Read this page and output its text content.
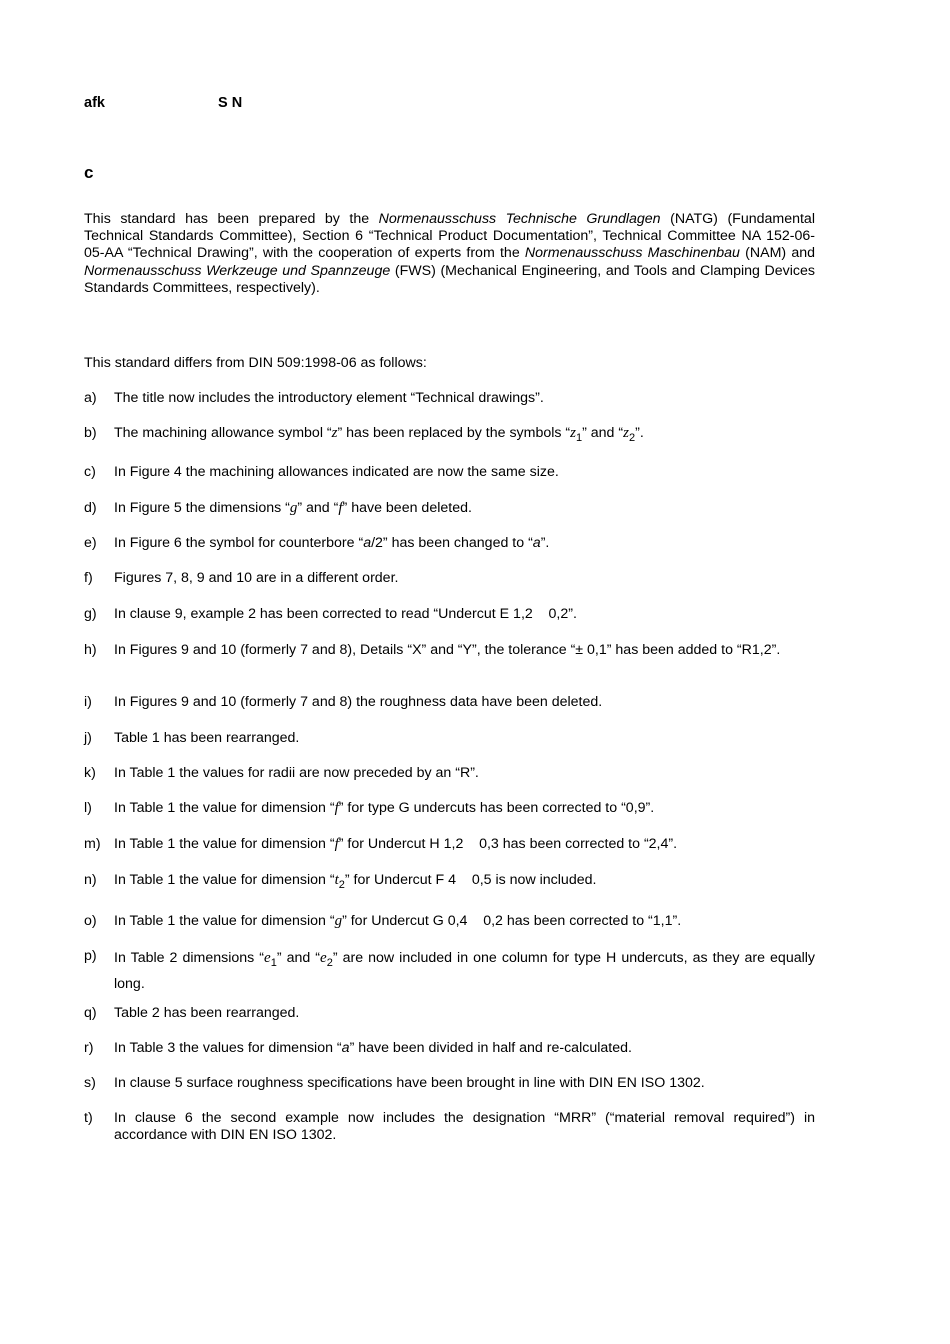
afk	S N
c
This standard has been prepared by the Normenausschuss Technische Grundlagen (NATG) (Fundamental Technical Standards Committee), Section 6 “Technical Product Documentation”, Technical Committee NA 152-06-05-AA “Technical Drawing”, with the cooperation of experts from the Normenausschuss Maschinenbau (NAM) and Normenausschuss Werkzeuge und Spannzeuge (FWS) (Mechanical Engineering, and Tools and Clamping Devices Standards Committees, respectively).
This standard differs from DIN 509:1998-06 as follows:
a) The title now includes the introductory element “Technical drawings”.
b) The machining allowance symbol “z” has been replaced by the symbols “$z_1$” and “$z_2$”.
c) In Figure 4 the machining allowances indicated are now the same size.
d) In Figure 5 the dimensions “g” and “f” have been deleted.
e) In Figure 6 the symbol for counterbore “a/2” has been changed to “a”.
f) Figures 7, 8, 9 and 10 are in a different order.
g) In clause 9, example 2 has been corrected to read “Undercut E 1,2    0,2”.
h) In Figures 9 and 10 (formerly 7 and 8), Details “X” and “Y”, the tolerance “± 0,1” has been added to “R1,2”.
i) In Figures 9 and 10 (formerly 7 and 8) the roughness data have been deleted.
j) Table 1 has been rearranged.
k) In Table 1 the values for radii are now preceded by an “R”.
l) In Table 1 the value for dimension “f” for type G undercuts has been corrected to “0,9”.
m) In Table 1 the value for dimension “f” for Undercut H 1,2    0,3 has been corrected to “2,4”.
n) In Table 1 the value for dimension “$t_2$” for Undercut F 4    0,5 is now included.
o) In Table 1 the value for dimension “g” for Undercut G 0,4    0,2 has been corrected to “1,1”.
p) In Table 2 dimensions “$e_1$” and “$e_2$” are now included in one column for type H undercuts, as they are equally long.
q) Table 2 has been rearranged.
r) In Table 3 the values for dimension “a” have been divided in half and re-calculated.
s) In clause 5 surface roughness specifications have been brought in line with DIN EN ISO 1302.
t) In clause 6 the second example now includes the designation “MRR” (“material removal required”) in accordance with DIN EN ISO 1302.
